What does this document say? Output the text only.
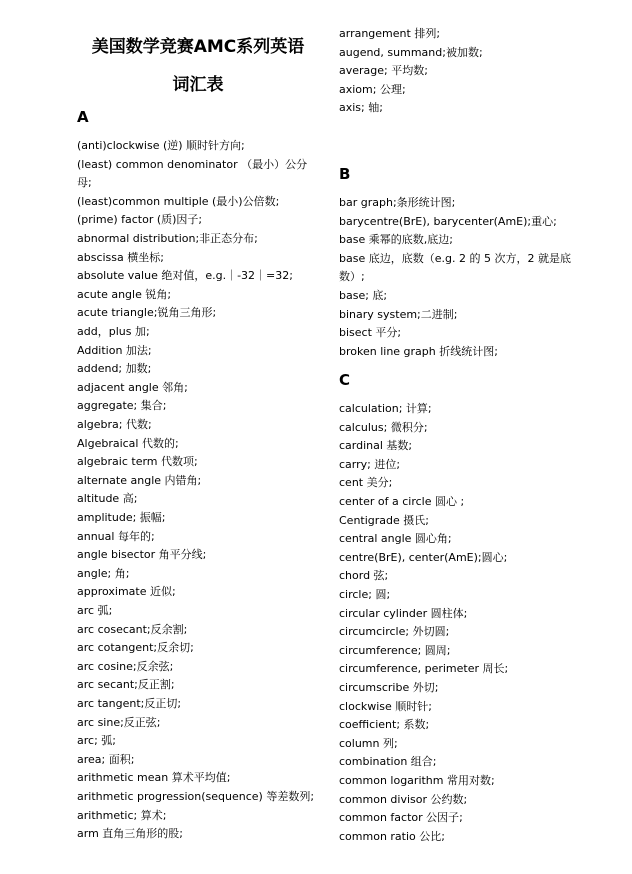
美国数学竞赛AMC系列英语
词汇表
A
(anti)clockwise (逆) 顺时针方向;
(least) common denominator （最小）公分母;
(least)common multiple (最小)公倍数;
(prime) factor (质)因子;
abnormal distribution;非正态分布;
abscissa 横坐标;
absolute value 绝对值，e.g.｜-32｜=32;
acute angle 锐角;
acute triangle;锐角三角形;
add，plus 加;
Addition 加法;
addend; 加数;
adjacent angle 邻角;
aggregate; 集合;
algebra; 代数;
Algebraical 代数的;
algebraic term 代数项;
alternate angle 内错角;
altitude 高;
amplitude; 振幅;
annual 每年的;
angle bisector 角平分线;
angle; 角;
approximate 近似;
arc 弧;
arc cosecant;反余割;
arc cotangent;反余切;
arc cosine;反余弦;
arc secant;反正割;
arc tangent;反正切;
arc sine;反正弦;
arc; 弧;
area; 面积;
arithmetic mean 算术平均值;
arithmetic progression(sequence) 等差数列;
arithmetic; 算术;
arm 直角三角形的股;
arrangement 排列;
augend, summand;被加数;
average; 平均数;
axiom; 公理;
axis; 轴;
B
bar graph;条形统计图;
barycentre(BrE), barycenter(AmE);重心;
base 乘幂的底数,底边;
base 底边，底数（e.g. 2 的 5 次方，2 就是底数）;
base; 底;
binary system;二进制;
bisect 平分;
broken line graph 折线统计图;
C
calculation; 计算;
calculus; 微积分;
cardinal 基数;
carry; 进位;
cent 美分;
center of a circle 圆心 ;
Centigrade 摄氏;
central angle 圆心角;
centre(BrE), center(AmE);圆心;
chord 弦;
circle; 圆;
circular cylinder 圆柱体;
circumcircle; 外切圆;
circumference; 圆周;
circumference, perimeter 周长;
circumscribe 外切;
clockwise 顺时针;
coefficient; 系数;
column 列;
combination 组合;
common logarithm 常用对数;
common divisor 公约数;
common factor 公因子;
common ratio 公比;
